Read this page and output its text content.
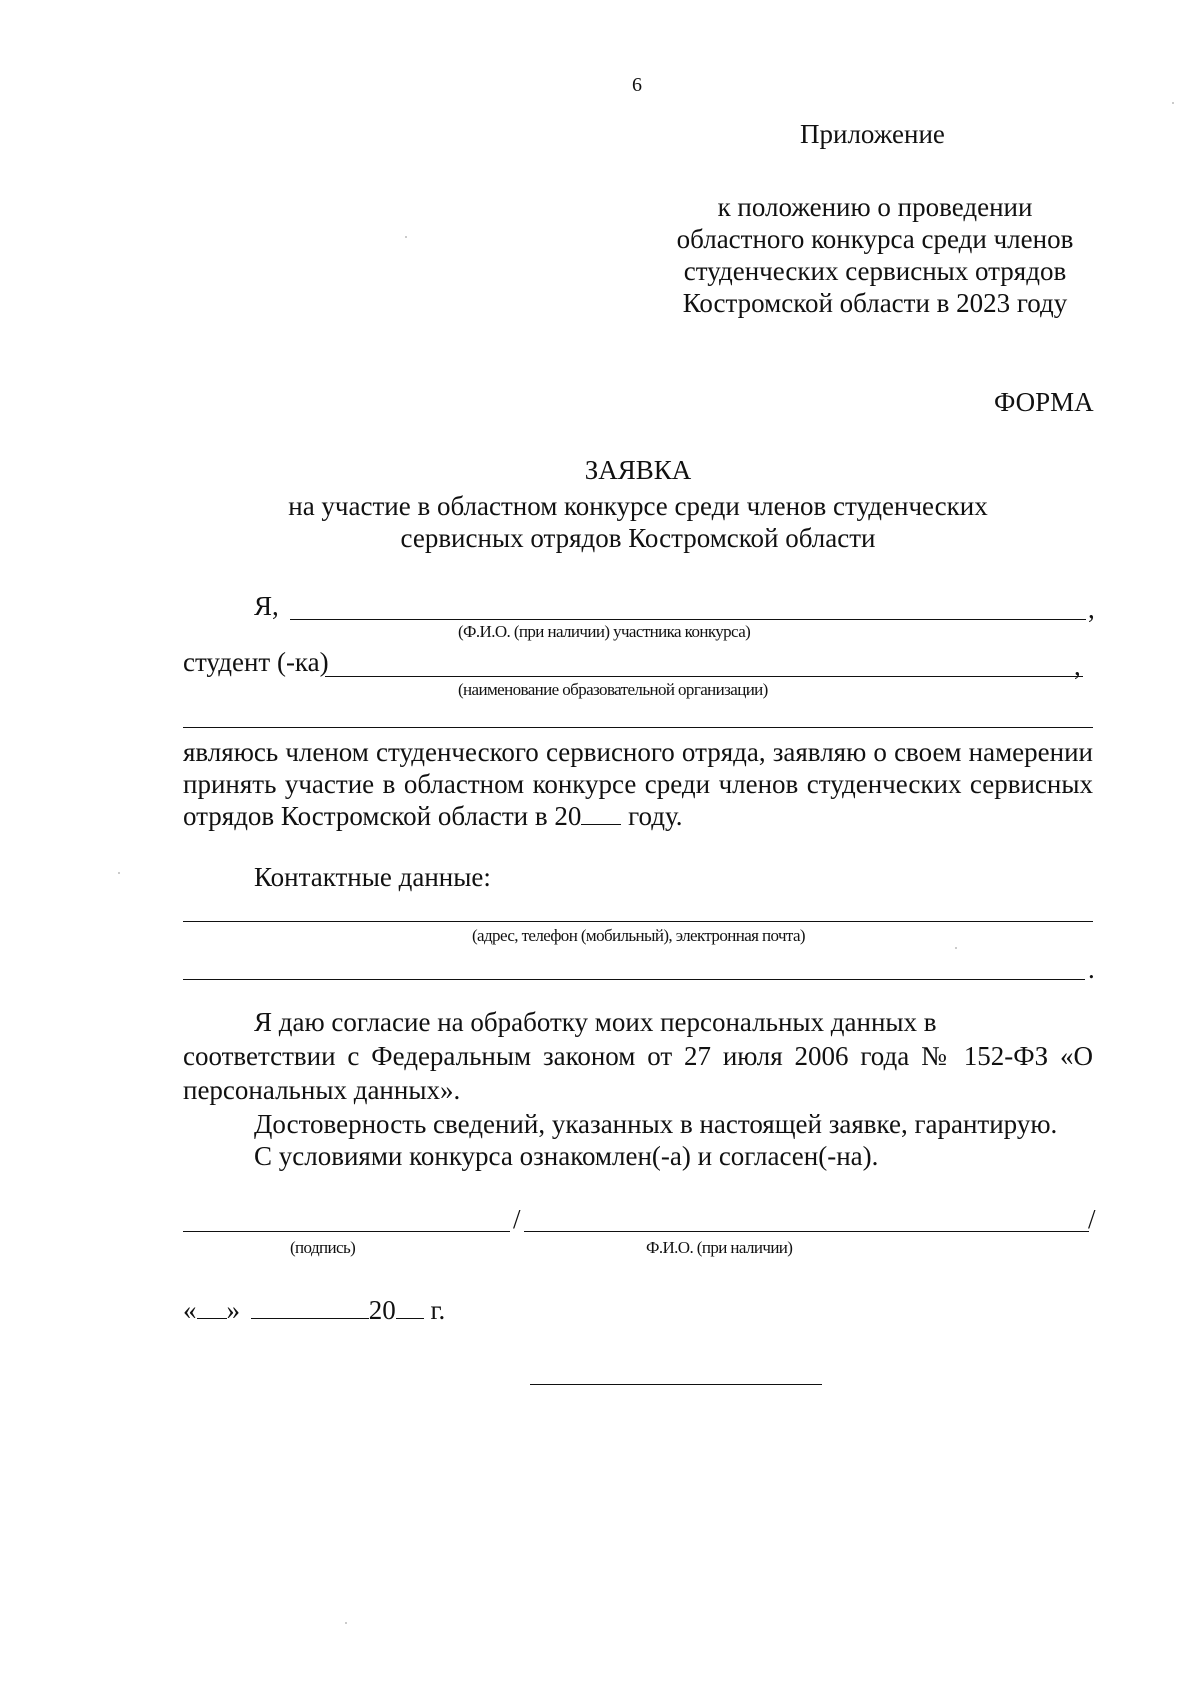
6
Приложение
к положению о проведении
областного конкурса среди членов
студенческих сервисных отрядов
Костромской области в 2023 году
ФОРМА
ЗАЯВКА
на участие в областном конкурсе среди членов студенческих
сервисных отрядов Костромской области
Я,	,
(Ф.И.О. (при наличии) участника конкурса)
студент (-ка)	,
(наименование образовательной организации)
являюсь членом студенческого сервисного отряда, заявляю о своем намерении
принять участие в областном конкурсе среди членов студенческих сервисных
отрядов Костромской области в 20 году.
Контактные данные:
(адрес, телефон (мобильный), электронная почта)
.
Я даю согласие на обработку моих персональных данных в
соответствии с Федеральным законом от 27 июля 2006 года № 152-ФЗ «О
персональных данных».
Достоверность сведений, указанных в настоящей заявке, гарантирую.
С условиями конкурса ознакомлен(-а) и согласен(-на).
/	/
(подпись)	Ф.И.О. (при наличии)
« »	20 г.
